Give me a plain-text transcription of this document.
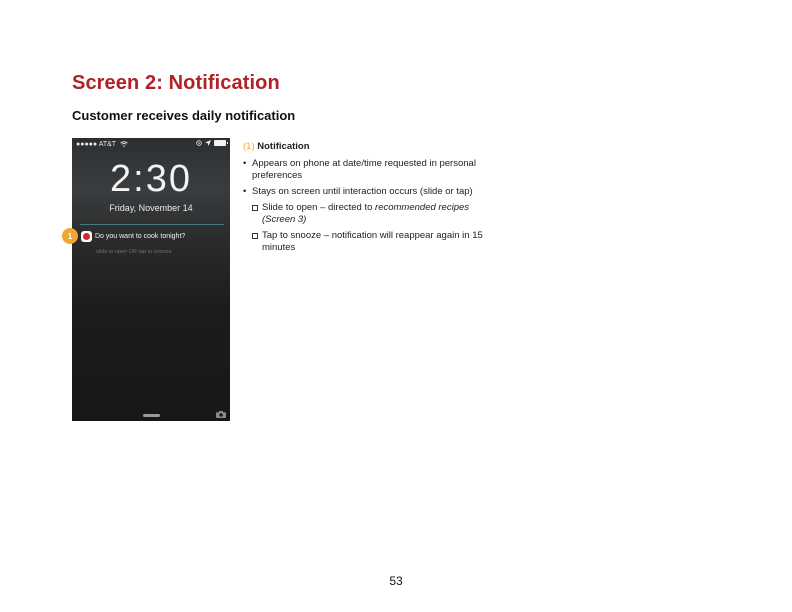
Screen 2: Notification
Customer receives daily notification
●●●●● AT&T
2:30
Friday, November 14
Do you want to cook tonight?
slide to open OR tap to snooze
1
(1) Notification
• Appears on phone at date/time requested in personal preferences
• Stays on screen until interaction occurs (slide or tap)
Slide to open – directed to recommended recipes (Screen 3)
Tap to snooze – notification will reappear again in 15 minutes
53
